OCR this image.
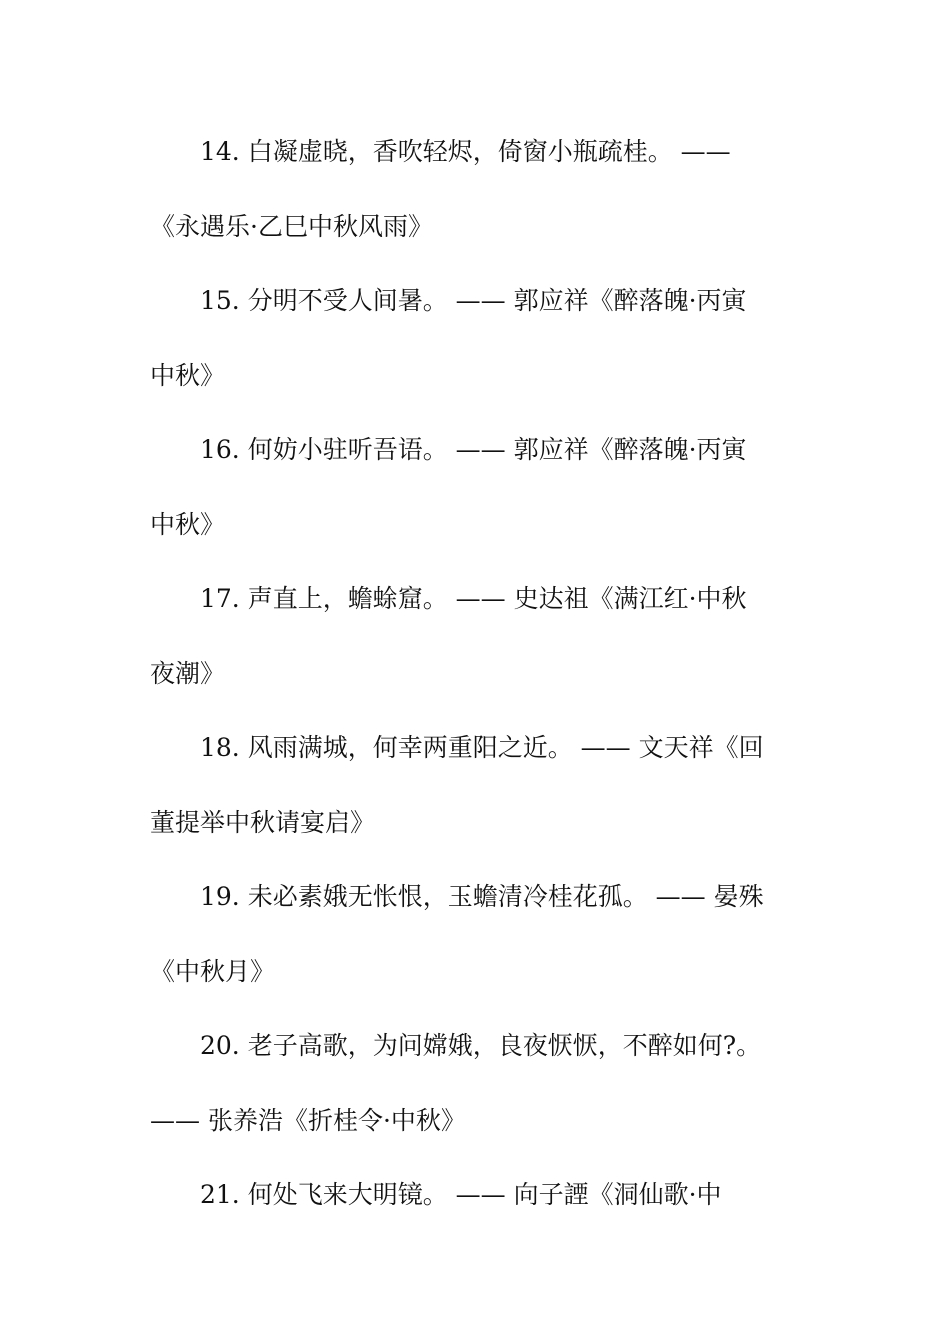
14. 白凝虚晓，香吹轻烬，倚窗小瓶疏桂。 ——
《永遇乐·乙巳中秋风雨》
15. 分明不受人间暑。 —— 郭应祥《醉落魄·丙寅
中秋》
16. 何妨小驻听吾语。 —— 郭应祥《醉落魄·丙寅
中秋》
17. 声直上，蟾蜍窟。 —— 史达祖《满江红·中秋
夜潮》
18. 风雨满城，何幸两重阳之近。 —— 文天祥《回
董提举中秋请宴启》
19. 未必素娥无怅恨，玉蟾清冷桂花孤。 —— 晏殊
《中秋月》
20. 老子高歌，为问嫦娥，良夜恹恹，不醉如何?。
—— 张养浩《折桂令·中秋》
21. 何处飞来大明镜。 —— 向子諲《洞仙歌·中
